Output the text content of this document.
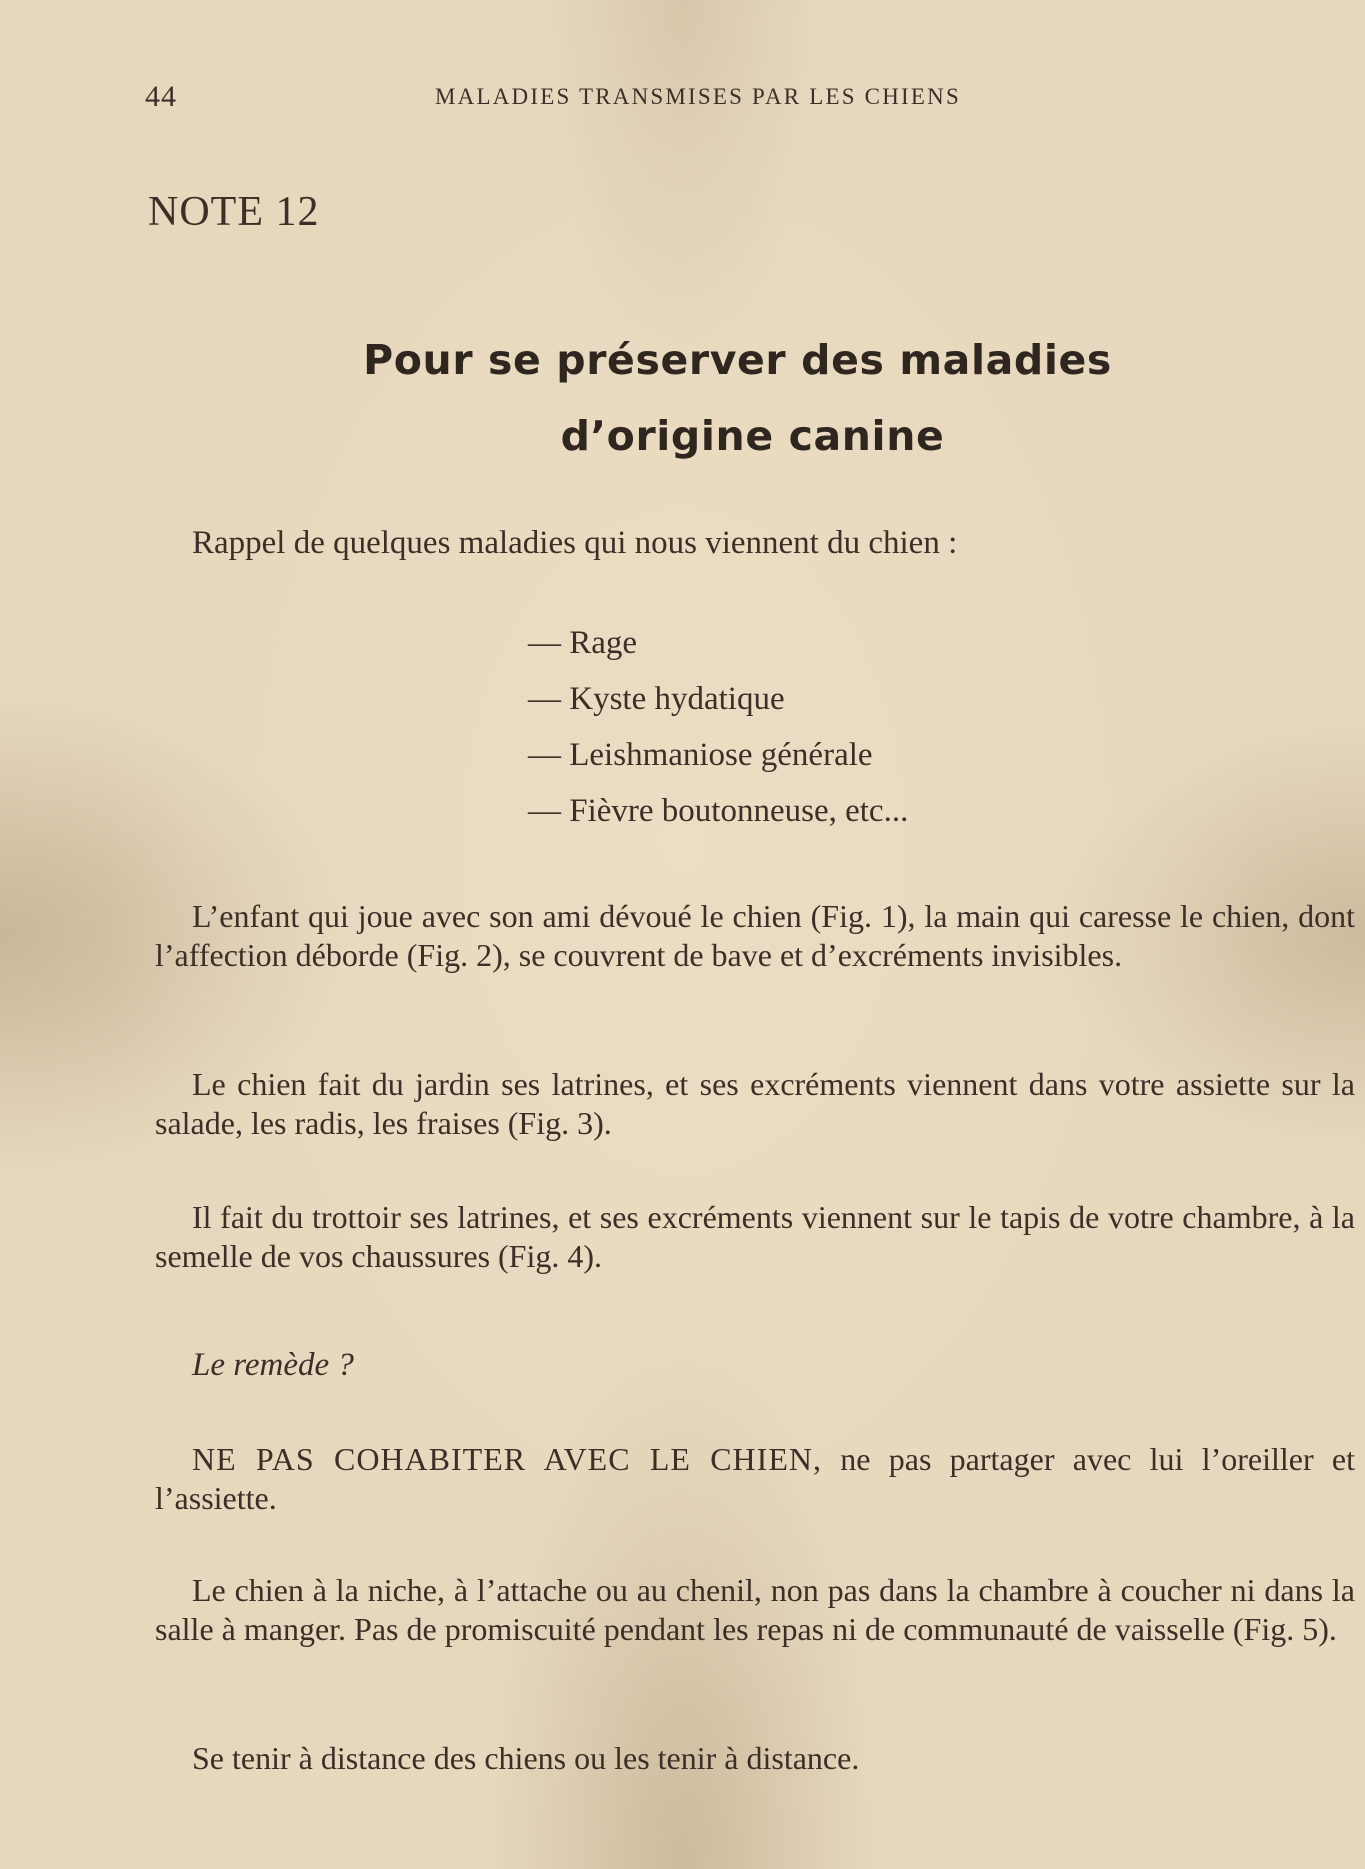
44	MALADIES TRANSMISES PAR LES CHIENS
NOTE 12
Pour se préserver des maladies
d’origine canine
Rappel de quelques maladies qui nous viennent du chien :
— Rage
— Kyste hydatique
— Leishmaniose générale
— Fièvre boutonneuse, etc...

L’enfant qui joue avec son ami dévoué le chien (Fig. 1), la main qui caresse le chien, dont l’affection déborde (Fig. 2), se couvrent de bave et d’excréments invisibles.

Le chien fait du jardin ses latrines, et ses excréments viennent dans votre assiette sur la salade, les radis, les fraises (Fig. 3).

Il fait du trottoir ses latrines, et ses excréments viennent sur le tapis de votre chambre, à la semelle de vos chaussures (Fig. 4).

Le remède ?

NE PAS COHABITER AVEC LE CHIEN, ne pas partager avec lui l’oreiller et l’assiette.

Le chien à la niche, à l’attache ou au chenil, non pas dans la chambre à coucher ni dans la salle à manger. Pas de promiscuité pendant les repas ni de communauté de vaisselle (Fig. 5).

Se tenir à distance des chiens ou les tenir à distance.
